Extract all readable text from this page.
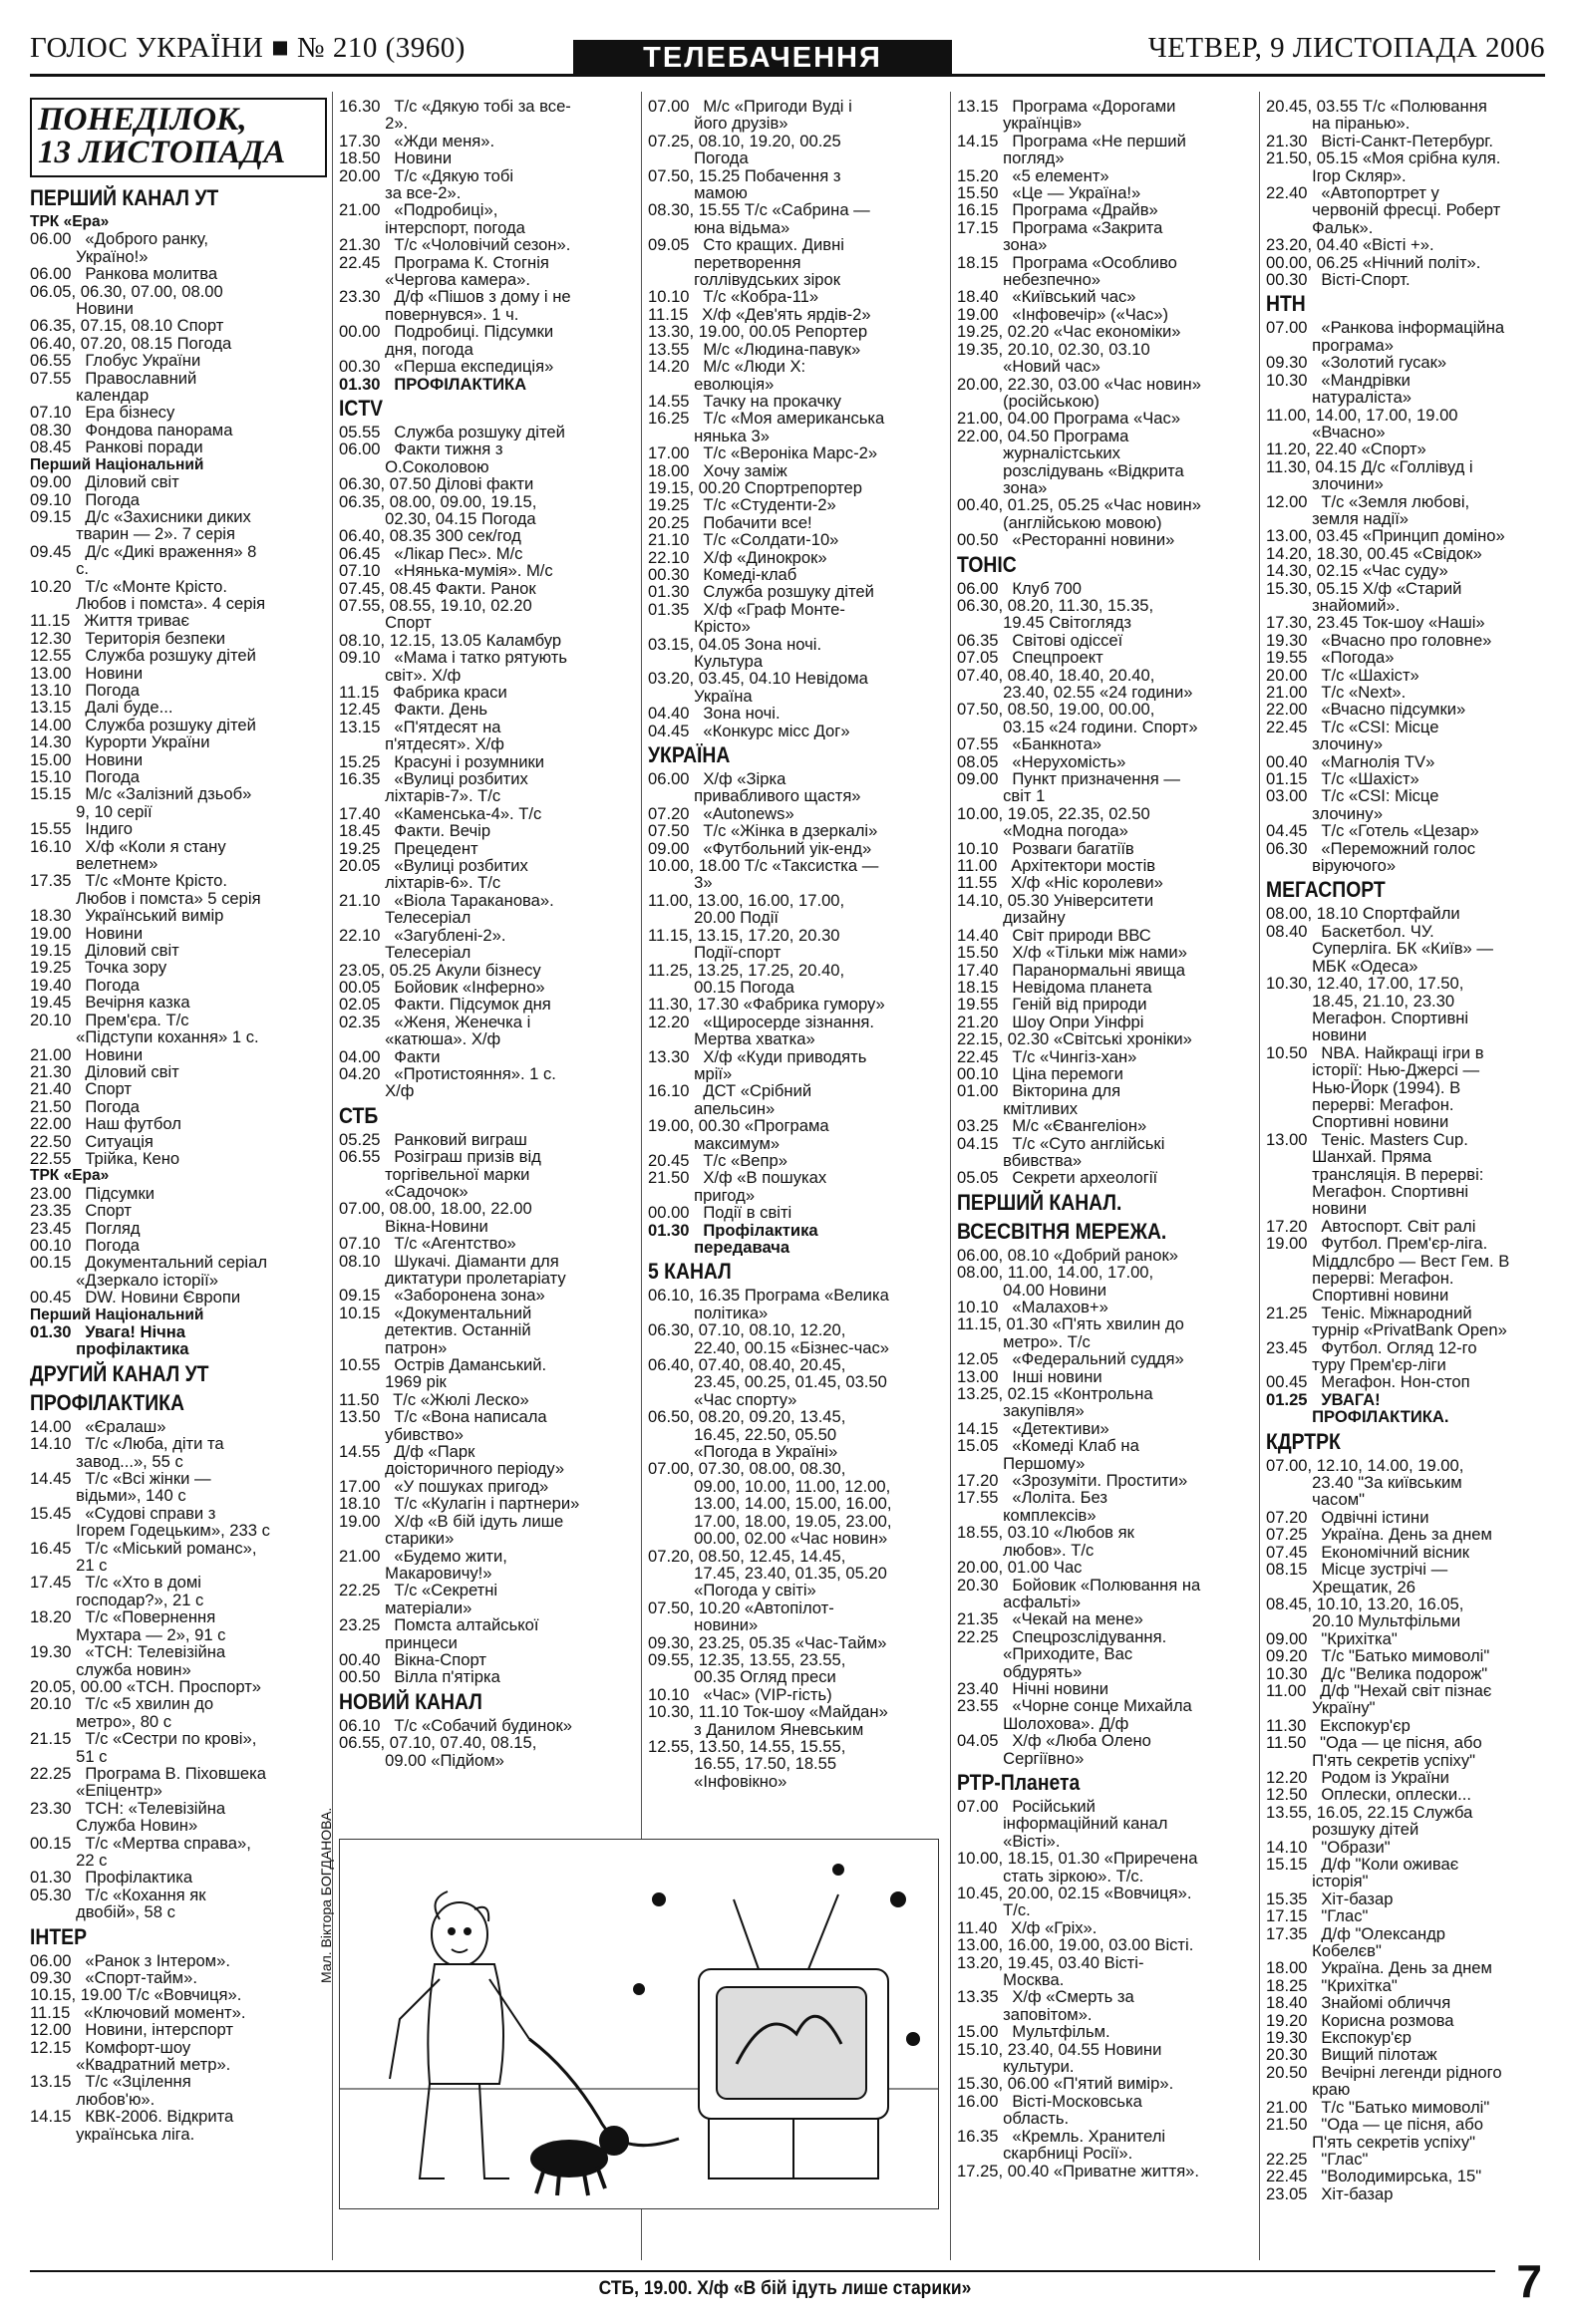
ГОЛОС УКРАЇНИ ■ № 210 (3960)	ТЕЛЕБАЧЕННЯ	ЧЕТВЕР, 9 ЛИСТОПАДА 2006
ПОНЕДІЛОК,
13 ЛИСТОПАДА
ПЕРШИЙ КАНАЛ УТ
ТРК «Ера»
06.00   «Доброго ранку,
Україно!»
06.00   Ранкова молитва
06.05, 06.30, 07.00, 08.00
Новини
06.35, 07.15, 08.10 Спорт
06.40, 07.20, 08.15 Погода
06.55   Глобус України
07.55   Православний
календар
07.10   Ера бізнесу
08.30   Фондова панорама
08.45   Ранкові поради
Перший Національний
09.00   Діловий світ
09.10   Погода
09.15   Д/с «Захисники диких
тварин — 2». 7 серія
09.45   Д/с «Дикі враження» 8
с.
10.20   Т/с «Монте Крісто.
Любов і помста». 4 серія
11.15   Життя триває
12.30   Територія безпеки
12.55   Служба розшуку дітей
13.00   Новини
13.10   Погода
13.15   Далі буде...
14.00   Служба розшуку дітей
14.30   Курорти України
15.00   Новини
15.10   Погода
15.15   М/с «Залізний дзьоб»
9, 10 серії
15.55   Індиго
16.10   Х/ф «Коли я стану
велетнем»
17.35   Т/с «Монте Крісто.
Любов і помста» 5 серія
18.30   Український вимір
19.00   Новини
19.15   Діловий світ
19.25   Точка зору
19.40   Погода
19.45   Вечірня казка
20.10   Прем'єра. Т/с
«Підступи кохання» 1 с.
21.00   Новини
21.30   Діловий світ
21.40   Спорт
21.50   Погода
22.00   Наш футбол
22.50   Ситуація
22.55   Трійка, Кено
ТРК «Ера»
23.00   Підсумки
23.35   Спорт
23.45   Погляд
00.10   Погода
00.15   Документальний серіал
«Дзеркало історії»
00.45   DW. Новини Європи
Перший Національний
01.30   Увага! Нічна
профілактика
ДРУГИЙ КАНАЛ УТ
ПРОФІЛАКТИКА
14.00   «Єралаш»
14.10   Т/с «Люба, діти та
завод...», 55 с
14.45   Т/с «Всі жінки —
відьми», 140 с
15.45   «Судові справи з
Ігорем Годецьким», 233 с
16.45   Т/с «Міський романс»,
21 с
17.45   Т/с «Хто в домі
господар?», 21 с
18.20   Т/с «Повернення
Мухтара — 2», 91 с
19.30   «ТСН: Телевізійна
служба новин»
20.05, 00.00 «ТСН. Проспорт»
20.10   Т/с «5 хвилин до
метро», 80 с
21.15   Т/с «Сестри по крові»,
51 с
22.25   Програма В. Піховшека
«Епіцентр»
23.30   ТСН: «Телевізійна
Служба Новин»
00.15   Т/с «Мертва справа»,
22 с
01.30   Профілактика
05.30   Т/с «Кохання як
двобій», 58 с
ІНТЕР
06.00   «Ранок з Інтером».
09.30   «Спорт-тайм».
10.15, 19.00 Т/с «Вовчиця».
11.15   «Ключовий момент».
12.00   Новини, інтерспорт
12.15   Комфорт-шоу
«Квадратний метр».
13.15   Т/с «Зцілення
любов'ю».
14.15   КВК-2006. Відкрита
українська ліга.
16.30   Т/с «Дякую тобі за все-
2».
17.30   «Жди меня».
18.50   Новини
20.00   Т/с «Дякую тобі
за все-2».
21.00   «Подробиці»,
інтерспорт, погода
21.30   Т/с «Чоловічий сезон».
22.45   Програма К. Стогнія
«Чергова камера».
23.30   Д/ф «Пішов з дому і не
повернувся». 1 ч.
00.00   Подробиці. Підсумки
дня, погода
00.30   «Перша експедиція»
01.30   ПРОФІЛАКТИКА
ICTV
05.55   Служба розшуку дітей
06.00   Факти тижня з
О.Соколовою
06.30, 07.50 Ділові факти
06.35, 08.00, 09.00, 19.15,
02.30, 04.15 Погода
06.40, 08.35 300 сек/год
06.45   «Лікар Пес». М/с
07.10   «Нянька-мумія». М/с
07.45, 08.45 Факти. Ранок
07.55, 08.55, 19.10, 02.20
Спорт
08.10, 12.15, 13.05 Каламбур
09.10   «Мама і татко рятують
світ». Х/ф
11.15   Фабрика краси
12.45   Факти. День
13.15   «П'ятдесят на
п'ятдесят». Х/ф
15.25   Красуні і розумники
16.35   «Вулиці розбитих
ліхтарів-7». Т/с
17.40   «Каменська-4». Т/с
18.45   Факти. Вечір
19.25   Прецедент
20.05   «Вулиці розбитих
ліхтарів-6». Т/с
21.10   «Віола Тараканова».
Телесеріал
22.10   «Загублені-2».
Телесеріал
23.05, 05.25 Акули бізнесу
00.05   Бойовик «Інферно»
02.05   Факти. Підсумок дня
02.35   «Женя, Женечка і
«катюша». Х/ф
04.00   Факти
04.20   «Протистояння». 1 с.
Х/ф
СТБ
05.25   Ранковий виграш
06.55   Розіграш призів від
торгівельної марки
«Садочок»
07.00, 08.00, 18.00, 22.00
Вікна-Новини
07.10   Т/с «Агентство»
08.10   Шукачі. Діаманти для
диктатури пролетаріату
09.15   «Заборонена зона»
10.15   «Документальний
детектив. Останній
патрон»
10.55   Острів Даманський.
1969 рік
11.50   Т/с «Жюлі Леско»
13.50   Т/с «Вона написала
убивство»
14.55   Д/ф «Парк
доісторичного періоду»
17.00   «У пошуках пригод»
18.10   Т/с «Кулагін і партнери»
19.00   Х/ф «В бій ідуть лише
старики»
21.00   «Будемо жити,
Макаровичу!»
22.25   Т/с «Секретні
матеріали»
23.25   Помста алтайської
принцеси
00.40   Вікна-Спорт
00.50   Вілла п'ятірка
НОВИЙ КАНАЛ
06.10   Т/с «Собачий будинок»
06.55, 07.10, 07.40, 08.15,
09.00 «Підйом»
07.00   М/с «Пригоди Вуді і
його друзів»
07.25, 08.10, 19.20, 00.25
Погода
07.50, 15.25 Побачення з
мамою
08.30, 15.55 Т/с «Сабрина —
юна відьма»
09.05   Сто кращих. Дивні
перетворення
голлівудських зірок
10.10   Т/с «Кобра-11»
11.15   Х/ф «Дев'ять ярдів-2»
13.30, 19.00, 00.05 Репортер
13.55   М/с «Людина-павук»
14.20   М/с «Люди Х:
еволюція»
14.55   Тачку на прокачку
16.25   Т/с «Моя американська
нянька 3»
17.00   Т/с «Вероніка Марс-2»
18.00   Хочу заміж
19.15, 00.20 Спортрепортер
19.25   Т/с «Студенти-2»
20.25   Побачити все!
21.10   Т/с «Солдати-10»
22.10   Х/ф «Динокрок»
00.30   Комеді-клаб
01.30   Служба розшуку дітей
01.35   Х/ф «Граф Монте-
Крісто»
03.15, 04.05 Зона ночі.
Культура
03.20, 03.45, 04.10 Невідома
Україна
04.40   Зона ночі.
04.45   «Конкурс місс Дог»
УКРАЇНА
06.00   Х/ф «Зірка
привабливого щастя»
07.20   «Autonews»
07.50   Т/с «Жінка в дзеркалі»
09.00   «Футбольний уік-енд»
10.00, 18.00 Т/с «Таксистка —
3»
11.00, 13.00, 16.00, 17.00,
20.00 Події
11.15, 13.15, 17.20, 20.30
Події-спорт
11.25, 13.25, 17.25, 20.40,
00.15 Погода
11.30, 17.30 «Фабрика гумору»
12.20   «Щиросерде зізнання.
Мертва хватка»
13.30   Х/ф «Куди приводять
мрії»
16.10   ДСТ «Срібний
апельсин»
19.00, 00.30 «Програма
максимум»
20.45   Т/с «Вепр»
21.50   Х/ф «В пошуках
пригод»
00.00   Події в світі
01.30   Профілактика
передавача
5 КАНАЛ
06.10, 16.35 Програма «Велика
політика»
06.30, 07.10, 08.10, 12.20,
22.40, 00.15 «Бізнес-час»
06.40, 07.40, 08.40, 20.45,
23.45, 00.25, 01.45, 03.50
«Час спорту»
06.50, 08.20, 09.20, 13.45,
16.45, 22.50, 05.50
«Погода в Україні»
07.00, 07.30, 08.00, 08.30,
09.00, 10.00, 11.00, 12.00,
13.00, 14.00, 15.00, 16.00,
17.00, 18.00, 19.05, 23.00,
00.00, 02.00 «Час новин»
07.20, 08.50, 12.45, 14.45,
17.45, 23.40, 01.35, 05.20
«Погода у світі»
07.50, 10.20 «Автопілот-
новини»
09.30, 23.25, 05.35 «Час-Тайм»
09.55, 12.35, 13.55, 23.55,
00.35 Огляд преси
10.10   «Час» (VIP-гість)
10.30, 11.10 Ток-шоу «Майдан»
з Данилом Яневським
12.55, 13.50, 14.55, 15.55,
16.55, 17.50, 18.55
«Інфовікно»
13.15   Програма «Дорогами
українців»
14.15   Програма «Не перший
погляд»
15.20   «5 елемент»
15.50   «Це — Україна!»
16.15   Програма «Драйв»
17.15   Програма «Закрита
зона»
18.15   Програма «Особливо
небезпечно»
18.40   «Київський час»
19.00   «Інфовечір» («Час»)
19.25, 02.20 «Час економіки»
19.35, 20.10, 02.30, 03.10
«Новий час»
20.00, 22.30, 03.00 «Час новин»
(російською)
21.00, 04.00 Програма «Час»
22.00, 04.50 Програма
журналістських
розслідувань «Відкрита
зона»
00.40, 01.25, 05.25 «Час новин»
(англійською мовою)
00.50   «Ресторанні новини»
ТОНІС
06.00   Клуб 700
06.30, 08.20, 11.30, 15.35,
19.45 Світоглядз
06.35   Світові одіссеї
07.05   Спецпроект
07.40, 08.40, 18.40, 20.40,
23.40, 02.55 «24 години»
07.50, 08.50, 19.00, 00.00,
03.15 «24 години. Спорт»
07.55   «Банкнота»
08.05   «Нерухомість»
09.00   Пункт призначення —
світ 1
10.00, 19.05, 22.35, 02.50
«Модна погода»
10.10   Розваги багатіїв
11.00   Архітектори мостів
11.55   Х/ф «Ніс королеви»
14.10, 05.30 Університети
дизайну
14.40   Світ природи ВВС
15.50   Х/ф «Тільки між нами»
17.40   Паранормальні явища
18.15   Невідома планета
19.55   Геній від природи
21.20   Шоу Опри Уінфрі
22.15, 02.30 «Світські хроніки»
22.45   Т/с «Чингіз-хан»
00.10   Ціна перемоги
01.00   Вікторина для
кмітливих
03.25   М/с «Євангеліон»
04.15   Т/с «Суто англійські
вбивства»
05.05   Секрети археології
ПЕРШИЙ КАНАЛ.
ВСЕСВІТНЯ МЕРЕЖА.
06.00, 08.10 «Добрий ранок»
08.00, 11.00, 14.00, 17.00,
04.00 Новини
10.10   «Малахов+»
11.15, 01.30 «П'ять хвилин до
метро». Т/с
12.05   «Федеральний суддя»
13.00   Інші новини
13.25, 02.15 «Контрольна
закупівля»
14.15   «Детективи»
15.05   «Комеді Клаб на
Першому»
17.20   «Зрозуміти. Простити»
17.55   «Лоліта. Без
комплексів»
18.55, 03.10 «Любов як
любов». Т/с
20.00, 01.00 Час
20.30   Бойовик «Полювання на
асфальті»
21.35   «Чекай на мене»
22.25   Спецрозслідування.
«Приходите, Вас
обдурять»
23.40   Нічні новини
23.55   «Чорне сонце Михайла
Шолохова». Д/ф
04.05   Х/ф «Люба Олено
Сергіївно»
РТР-Планета
07.00   Російський
інформаційний канал
«Вісті».
10.00, 18.15, 01.30 «Приречена
стать зіркою». Т/с.
10.45, 20.00, 02.15 «Вовчиця».
Т/с.
11.40   Х/ф «Гріх».
13.00, 16.00, 19.00, 03.00 Вісті.
13.20, 19.45, 03.40 Вісті-
Москва.
13.35   Х/ф «Смерть за
заповітом».
15.00   Мультфільм.
15.10, 23.40, 04.55 Новини
культури.
15.30, 06.00 «П'ятий вимір».
16.00   Вісті-Московська
область.
16.35   «Кремль. Хранителі
скарбниці Росії».
17.25, 00.40 «Приватне життя».
20.45, 03.55 Т/с «Полювання
на піранью».
21.30   Вісті-Санкт-Петербург.
21.50, 05.15 «Моя срібна куля.
Ігор Скляр».
22.40   «Автопортрет у
червоній фресці. Роберт
Фальк».
23.20, 04.40 «Вісті +».
00.00, 06.25 «Нічний політ».
00.30   Вісті-Спорт.
НТН
07.00   «Ранкова інформаційна
програма»
09.30   «Золотий гусак»
10.30   «Мандрівки
натураліста»
11.00, 14.00, 17.00, 19.00
«Вчасно»
11.20, 22.40 «Спорт»
11.30, 04.15 Д/с «Голлівуд і
злочини»
12.00   Т/с «Земля любові,
земля надії»
13.00, 03.45 «Принцип доміно»
14.20, 18.30, 00.45 «Свідок»
14.30, 02.15 «Час суду»
15.30, 05.15 Х/ф «Старий
знайомий».
17.30, 23.45 Ток-шоу «Наші»
19.30   «Вчасно про головне»
19.55   «Погода»
20.00   Т/с «Шахіст»
21.00   Т/с «Next».
22.00   «Вчасно підсумки»
22.45   Т/с «CSI: Місце
злочину»
00.40   «Магнолія TV»
01.15   Т/с «Шахіст»
03.00   Т/с «CSI: Місце
злочину»
04.45   Т/с «Готель «Цезар»
06.30   «Переможний голос
віруючого»
МЕГАСПОРТ
08.00, 18.10 Спортфайли
08.40   Баскетбол. ЧУ.
Суперліга. БК «Київ» —
МБК «Одеса»
10.30, 12.40, 17.00, 17.50,
18.45, 21.10, 23.30
Мегафон. Спортивні
новини
10.50   NBA. Найкращі ігри в
історії: Нью-Джерсі —
Нью-Йорк (1994). В
перерві: Мегафон.
Спортивні новини
13.00   Теніс. Masters Cup.
Шанхай. Пряма
трансляція. В перерві:
Мегафон. Спортивні
новини
17.20   Автоспорт. Світ ралі
19.00   Футбол. Прем'єр-ліга.
Міддлсбро — Вест Гем. В
перерві: Мегафон.
Спортивні новини
21.25   Теніс. Міжнародний
турнір «PrivatBank Open»
23.45   Футбол. Огляд 12-го
туру Прем'єр-ліги
00.45   Мегафон. Нон-стоп
01.25   УВАГА!
ПРОФІЛАКТИКА.
КДРТРК
07.00, 12.10, 14.00, 19.00,
23.40 "За київським
часом"
07.20   Одвічні істини
07.25   Україна. День за днем
07.45   Економічний вісник
08.15   Місце зустрічі —
Хрещатик, 26
08.45, 10.10, 13.20, 16.05,
20.10 Мультфільми
09.00   "Крихітка"
09.20   Т/с "Батько мимоволі"
10.30   Д/с "Велика подорож"
11.00   Д/ф "Нехай світ пізнає
Україну"
11.30   Експокур'єр
11.50   "Ода — це пісня, або
П'ять секретів успіху"
12.20   Родом із України
12.50   Оплески, оплески...
13.55, 16.05, 22.15 Служба
розшуку дітей
14.10   "Образи"
15.15   Д/ф "Коли оживає
історія"
15.35   Хіт-базар
17.15   "Глас"
17.35   Д/ф "Олександр
Кобелєв"
18.00   Україна. День за днем
18.25   "Крихітка"
18.40   Знайомі обличчя
19.20   Корисна розмова
19.30   Експокур'єр
20.30   Вищий пілотаж
20.50   Вечірні легенди рідного
краю
21.00   Т/с "Батько мимоволі"
21.50   "Ода — це пісня, або
П'ять секретів успіху"
22.25   "Глас"
22.45   "Володимирська, 15"
23.05   Хіт-базар
Мал. Віктора БОГДАНОВА.
СТБ, 19.00. Х/ф «В бій ідуть лише старики»	7
